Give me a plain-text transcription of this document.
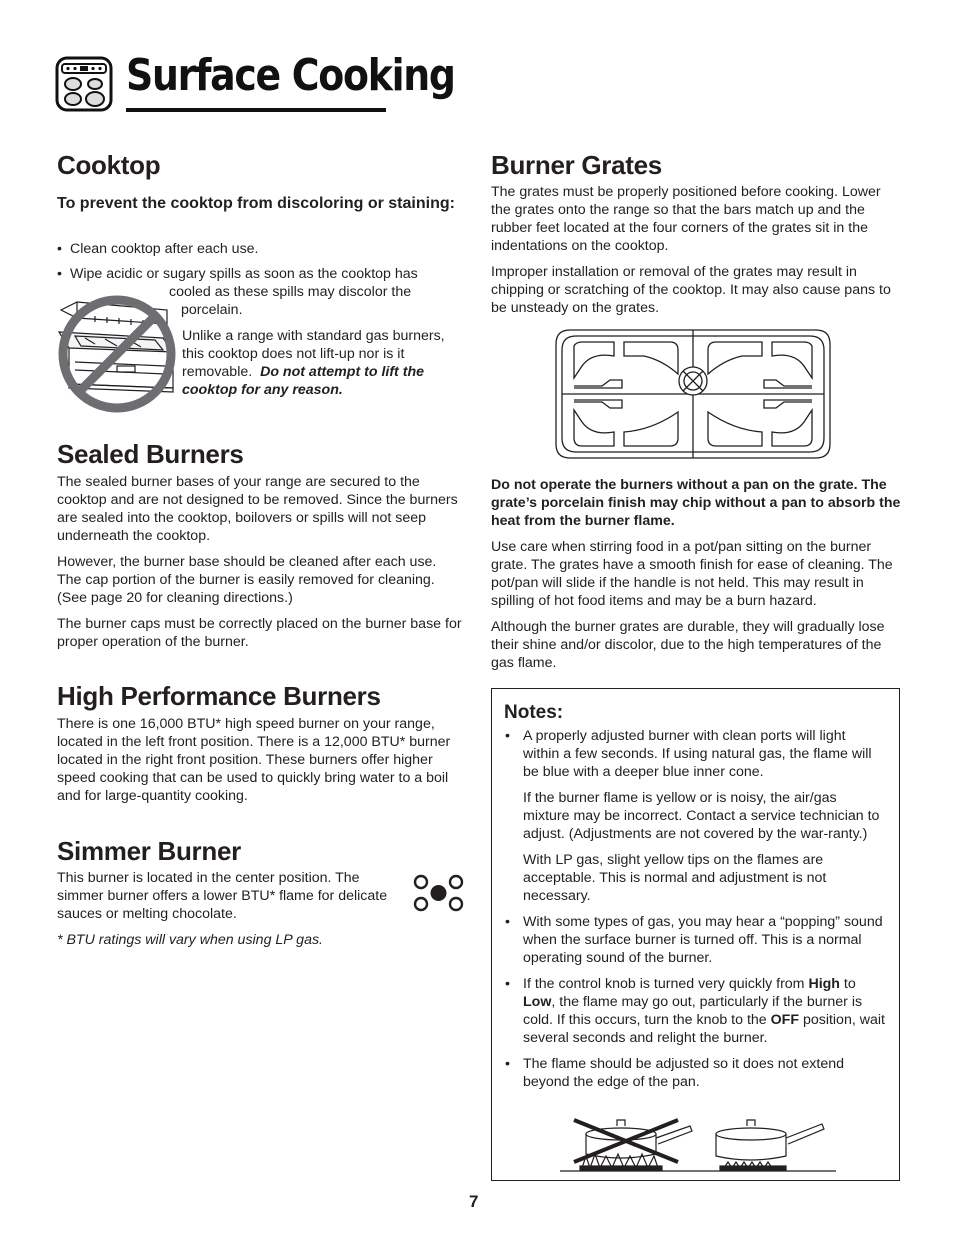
Surface Cooking
Cooktop
To prevent the cooktop from discoloring or staining:
• Clean cooktop after each use.
• Wipe acidic or sugary spills as soon as the cooktop has
cooled as these spills may discolor the
porcelain.
Unlike a range with standard gas burners, this cooktop does not lift-up nor is it removable. Do not attempt to lift the cooktop for any reason.
Sealed Burners

The sealed burner bases of your range are secured to the cooktop and are not designed to be removed. Since the burners are sealed into the cooktop, boilovers or spills will not seep underneath the cooktop.

However, the burner base should be cleaned after each use. The cap portion of the burner is easily removed for cleaning. (See page 20 for cleaning directions.)

The burner caps must be correctly placed on the burner base for proper operation of the burner.

High Performance Burners

There is one 16,000 BTU* high speed burner on your range, located in the left front position. There is a 12,000 BTU* burner located in the right front position. These burners offer higher speed cooking that can be used to quickly bring water to a boil and for large-quantity cooking.

Simmer Burner

This burner is located in the center position. The simmer burner offers a lower BTU* flame for delicate sauces or melting chocolate.

* BTU ratings will vary when using LP gas.

Burner Grates

The grates must be properly positioned before cooking. Lower the grates onto the range so that the bars match up and the rubber feet located at the four corners of the grates sit in the indentations on the cooktop.

Improper installation or removal of the grates may result in chipping or scratching of the cooktop. It may also cause pans to be unsteady on the grates.

Do not operate the burners without a pan on the grate. The grate’s porcelain finish may chip without a pan to absorb the heat from the burner flame.

Use care when stirring food in a pot/pan sitting on the burner grate. The grates have a smooth finish for ease of cleaning. The pot/pan will slide if the handle is not held. This may result in spilling of hot food items and may be a burn hazard.

Although the burner grates are durable, they will gradually lose their shine and/or discolor, due to the high temperatures of the gas flame.

Notes:
• A properly adjusted burner with clean ports will light within a few seconds. If using natural gas, the flame will be blue with a deeper blue inner cone.

If the burner flame is yellow or is noisy, the air/gas mixture may be incorrect. Contact a service technician to adjust. (Adjustments are not covered by the war-ranty.)

With LP gas, slight yellow tips on the flames are acceptable. This is normal and adjustment is not necessary.

• With some types of gas, you may hear a “popping” sound when the surface burner is turned off. This is a normal operating sound of the burner.

• If the control knob is turned very quickly from High to Low, the flame may go out, particularly if the burner is cold. If this occurs, turn the knob to the OFF position, wait several seconds and relight the burner.

• The flame should be adjusted so it does not extend beyond the edge of the pan.

7
